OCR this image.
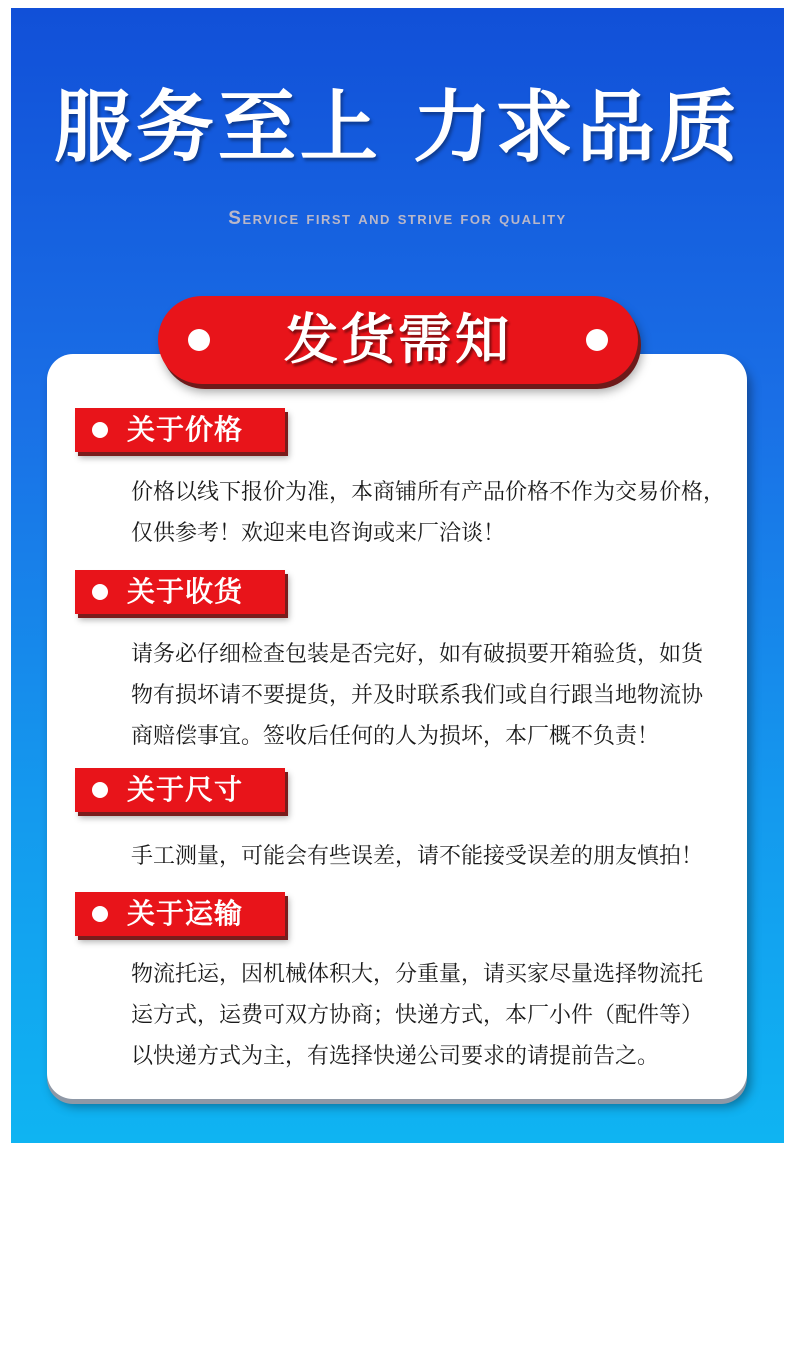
服务至上 力求品质
Service first and strive for quality
关于价格
价格以线下报价为准，本商铺所有产品价格不作为交易价格，
仅供参考！欢迎来电咨询或来厂洽谈！
关于收货
请务必仔细检查包装是否完好，如有破损要开箱验货，如货
物有损坏请不要提货，并及时联系我们或自行跟当地物流协
商赔偿事宜。签收后任何的人为损坏，本厂概不负责！
关于尺寸
手工测量，可能会有些误差，请不能接受误差的朋友慎拍！
关于运输
物流托运，因机械体积大，分重量，请买家尽量选择物流托
运方式，运费可双方协商；快递方式，本厂小件（配件等）
以快递方式为主，有选择快递公司要求的请提前告之。
发货需知
